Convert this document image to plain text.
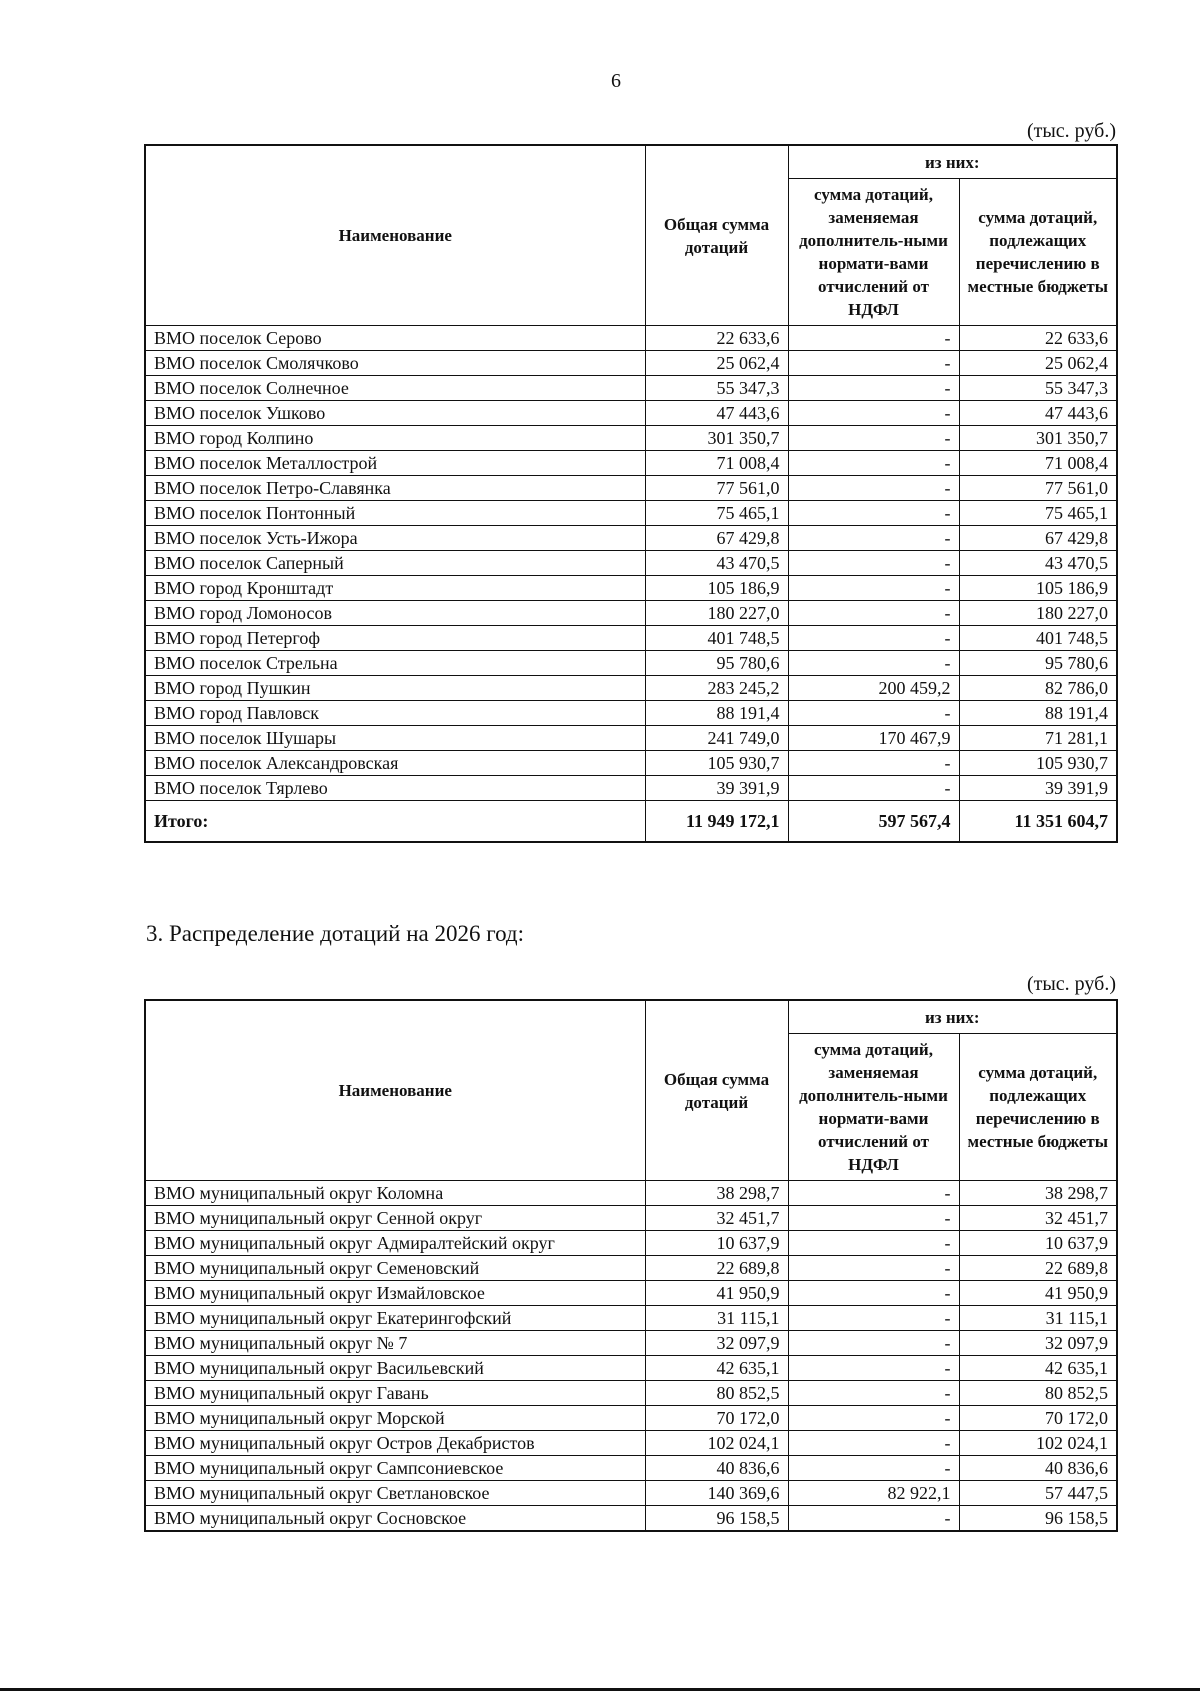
6
(тыс. руб.)
Наименование	Общая сумма дотаций	из них:	
		сумма дотаций, заменяемая дополнитель-ными нормати-вами отчислений от НДФЛ	сумма дотаций, подлежащих перечислению в местные бюджеты
ВМО поселок Серово	22 633,6	-	22 633,6
ВМО поселок Смолячково	25 062,4	-	25 062,4
ВМО поселок Солнечное	55 347,3	-	55 347,3
ВМО поселок Ушково	47 443,6	-	47 443,6
ВМО город Колпино	301 350,7	-	301 350,7
ВМО поселок Металлострой	71 008,4	-	71 008,4
ВМО поселок Петро-Славянка	77 561,0	-	77 561,0
ВМО поселок Понтонный	75 465,1	-	75 465,1
ВМО поселок Усть-Ижора	67 429,8	-	67 429,8
ВМО поселок Саперный	43 470,5	-	43 470,5
ВМО город Кронштадт	105 186,9	-	105 186,9
ВМО город Ломоносов	180 227,0	-	180 227,0
ВМО город Петергоф	401 748,5	-	401 748,5
ВМО поселок Стрельна	95 780,6	-	95 780,6
ВМО город Пушкин	283 245,2	200 459,2	82 786,0
ВМО город Павловск	88 191,4	-	88 191,4
ВМО поселок Шушары	241 749,0	170 467,9	71 281,1
ВМО поселок Александровская	105 930,7	-	105 930,7
ВМО поселок Тярлево	39 391,9	-	39 391,9
Итого:	11 949 172,1	597 567,4	11 351 604,7
3. Распределение дотаций на 2026 год:
(тыс. руб.)
Наименование	Общая сумма дотаций	из них:	
		сумма дотаций, заменяемая дополнитель-ными нормати-вами отчислений от НДФЛ	сумма дотаций, подлежащих перечислению в местные бюджеты
ВМО муниципальный округ Коломна	38 298,7	-	38 298,7
ВМО муниципальный округ Сенной округ	32 451,7	-	32 451,7
ВМО муниципальный округ Адмиралтейский округ	10 637,9	-	10 637,9
ВМО муниципальный округ Семеновский	22 689,8	-	22 689,8
ВМО муниципальный округ Измайловское	41 950,9	-	41 950,9
ВМО муниципальный округ Екатерингофский	31 115,1	-	31 115,1
ВМО муниципальный округ № 7	32 097,9	-	32 097,9
ВМО муниципальный округ Васильевский	42 635,1	-	42 635,1
ВМО муниципальный округ Гавань	80 852,5	-	80 852,5
ВМО муниципальный округ Морской	70 172,0	-	70 172,0
ВМО муниципальный округ Остров Декабристов	102 024,1	-	102 024,1
ВМО муниципальный округ Сампсониевское	40 836,6	-	40 836,6
ВМО муниципальный округ Светлановское	140 369,6	82 922,1	57 447,5
ВМО муниципальный округ Сосновское	96 158,5	-	96 158,5
